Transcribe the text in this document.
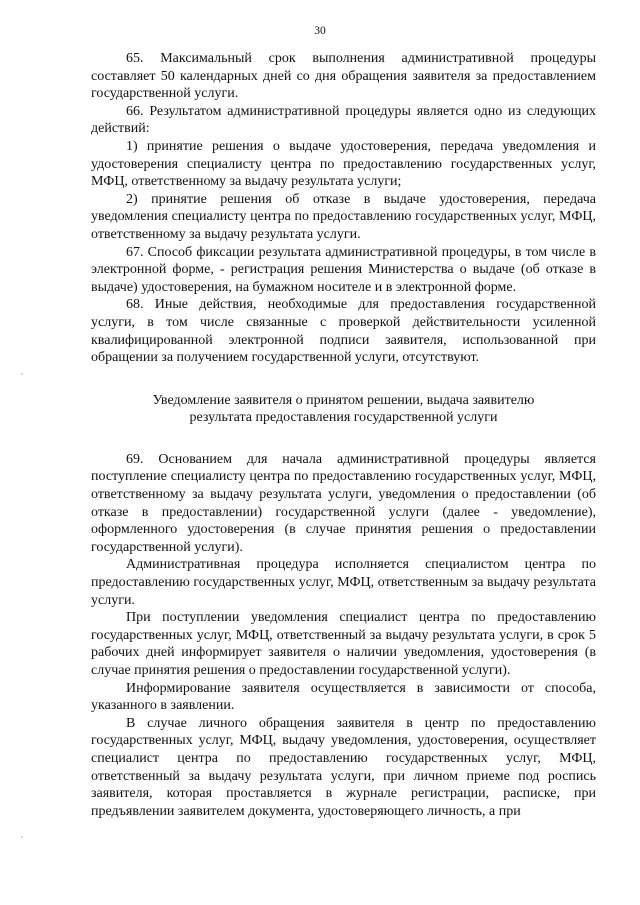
30

65. Максимальный срок выполнения административной процедуры составляет 50 календарных дней со дня обращения заявителя за предоставлением государственной услуги.

66. Результатом административной процедуры является одно из следующих действий:

1) принятие решения о выдаче удостоверения, передача уведомления и удостоверения специалисту центра по предоставлению государственных услуг, МФЦ, ответственному за выдачу результата услуги;

2) принятие решения об отказе в выдаче удостоверения, передача уведомления специалисту центра по предоставлению государственных услуг, МФЦ, ответственному за выдачу результата услуги.

67. Способ фиксации результата административной процедуры, в том числе в электронной форме, - регистрация решения Министерства о выдаче (об отказе в выдаче) удостоверения, на бумажном носителе и в электронной форме.

68. Иные действия, необходимые для предоставления государственной услуги, в том числе связанные с проверкой действительности усиленной квалифицированной электронной подписи заявителя, использованной при обращении за получением государственной услуги, отсутствуют.

Уведомление заявителя о принятом решении, выдача заявителю
результата предоставления государственной услуги

69. Основанием для начала административной процедуры является поступление специалисту центра по предоставлению государственных услуг, МФЦ, ответственному за выдачу результата услуги, уведомления о предоставлении (об отказе в предоставлении) государственной услуги (далее - уведомление), оформленного удостоверения (в случае принятия решения о предоставлении государственной услуги).

Административная процедура исполняется специалистом центра по предоставлению государственных услуг, МФЦ, ответственным за выдачу результата услуги.

При поступлении уведомления специалист центра по предоставлению государственных услуг, МФЦ, ответственный за выдачу результата услуги, в срок 5 рабочих дней информирует заявителя о наличии уведомления, удостоверения (в случае принятия решения о предоставлении государственной услуги).

Информирование заявителя осуществляется в зависимости от способа, указанного в заявлении.

В случае личного обращения заявителя в центр по предоставлению государственных услуг, МФЦ, выдачу уведомления, удостоверения, осуществляет специалист центра по предоставлению государственных услуг, МФЦ, ответственный за выдачу результата услуги, при личном приеме под роспись заявителя, которая проставляется в журнале регистрации, расписке, при предъявлении заявителем документа, удостоверяющего личность, а при
